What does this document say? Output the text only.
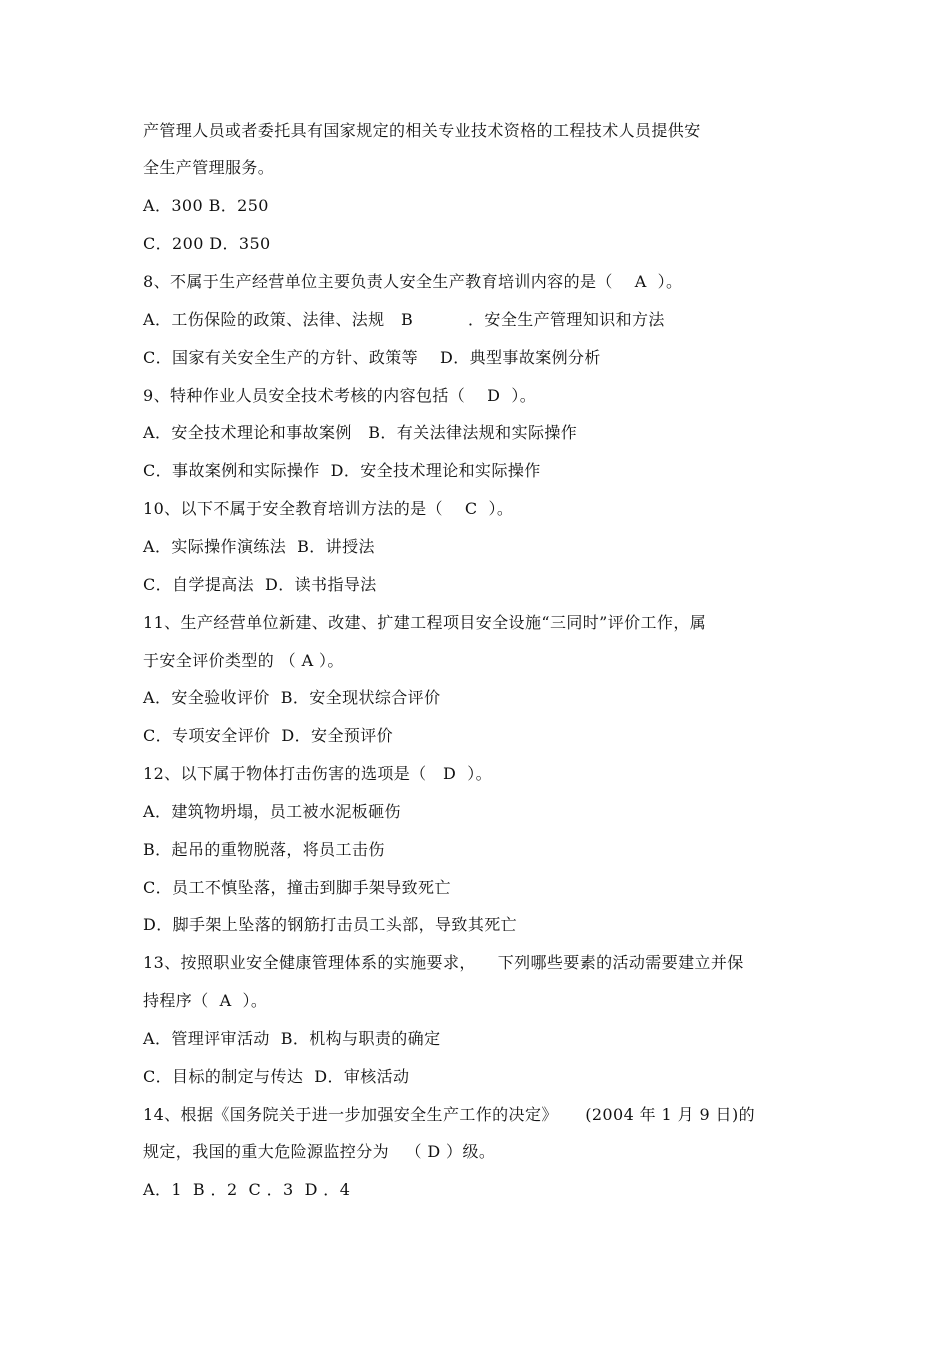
产管理人员或者委托具有国家规定的相关专业技术资格的工程技术人员提供安
全生产管理服务。
A．300 B．250
C．200 D．350
8、不属于生产经营单位主要负责人安全生产教育培训内容的是（    A  ）。
A．工伤保险的政策、法律、法规   B          ．安全生产管理知识和方法
C．国家有关安全生产的方针、政策等    D．典型事故案例分析
9、特种作业人员安全技术考核的内容包括（    D  ）。
A．安全技术理论和事故案例   B．有关法律法规和实际操作
C．事故案例和实际操作  D．安全技术理论和实际操作
10、以下不属于安全教育培训方法的是（    C  ）。
A．实际操作演练法  B．讲授法
C．自学提高法  D．读书指导法
11、生产经营单位新建、改建、扩建工程项目安全设施“三同时”评价工作，属
于安全评价类型的 （ A ）。
A．安全验收评价  B．安全现状综合评价
C．专项安全评价  D．安全预评价
12、以下属于物体打击伤害的选项是（   D  ）。
A．建筑物坍塌，员工被水泥板砸伤
B．起吊的重物脱落，将员工击伤
C．员工不慎坠落，撞击到脚手架导致死亡
D．脚手架上坠落的钢筋打击员工头部，导致其死亡
13、按照职业安全健康管理体系的实施要求，    下列哪些要素的活动需要建立并保
持程序（  A  ）。
A．管理评审活动  B．机构与职责的确定
C．目标的制定与传达  D．审核活动
14、根据《国务院关于进一步加强安全生产工作的决定》     (2004 年 1 月 9 日)的
规定，我国的重大危险源监控分为   （ D ）级。
A．1  B ．2  C ．3  D ．4
